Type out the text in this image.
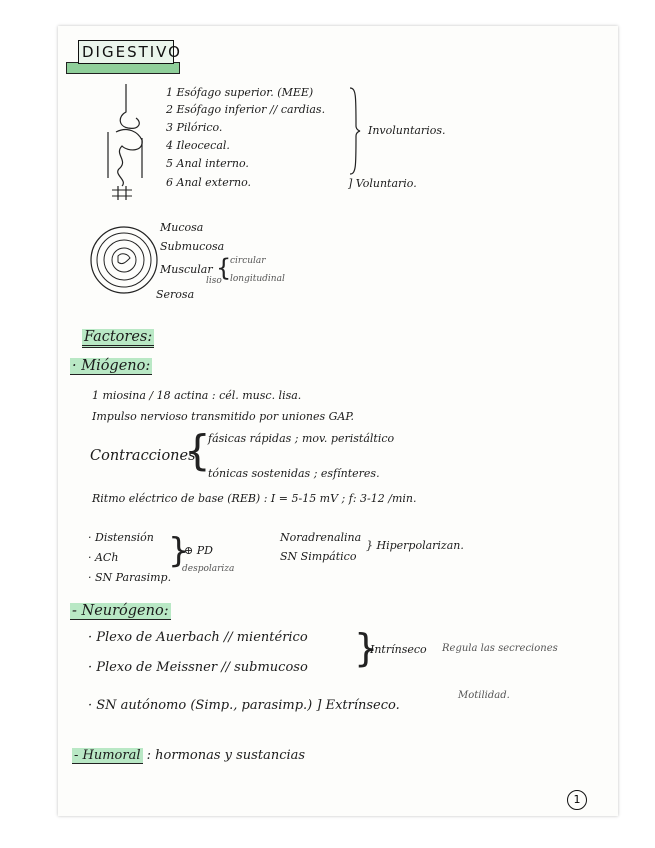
DIGESTIVO
1 Esófago superior. (MEE)
2 Esófago inferior // cardias.
3 Pilórico.
4 Ileocecal.
5 Anal interno.
6 Anal externo.
Involuntarios.
] Voluntario.
Mucosa
Submucosa
Muscular
liso
{
circular
longitudinal
Serosa
Factores:
· Miógeno:
1 miosina / 18 actina : cél. musc. lisa.
Impulso nervioso transmitido por uniones GAP.
Contracciones
{
fásicas rápidas ; mov. peristáltico
tónicas sostenidas ; esfínteres.
Ritmo eléctrico de base (REB) : I = 5-15 mV ; f: 3-12 /min.
· Distensión
· ACh
· SN Parasimp.
}
⊕ PD
despolariza
Noradrenalina
SN Simpático
} Hiperpolarizan.
- Neurógeno:
· Plexo de Auerbach // mientérico
· Plexo de Meissner // submucoso }
Intrínseco Regula las secreciones
· SN autónomo (Simp., parasimp.) ] Extrínseco.
Motilidad.
- Humoral : hormonas y sustancias
1
